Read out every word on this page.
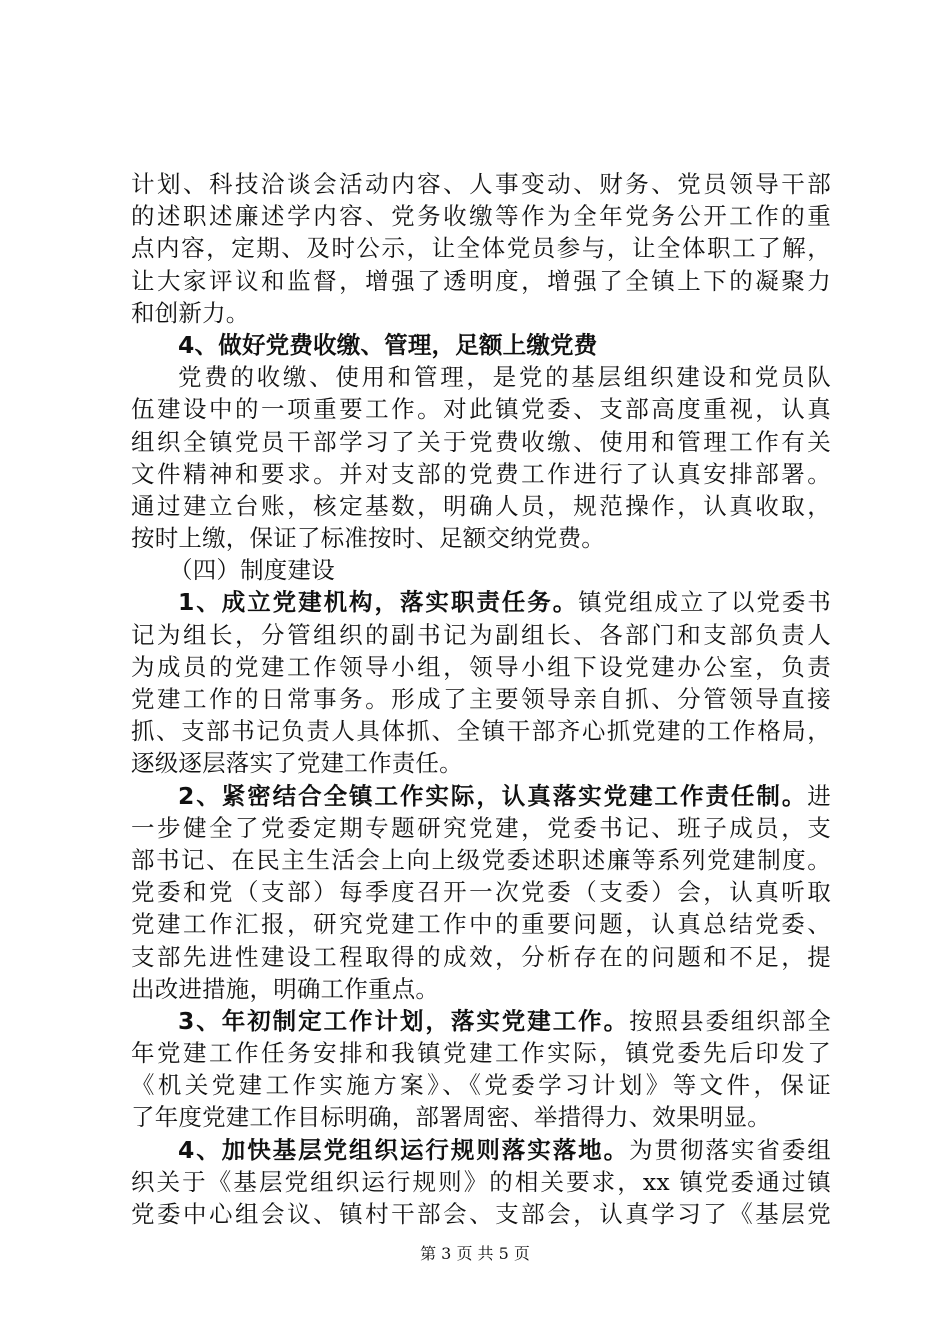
计划、科技洽谈会活动内容、人事变动、财务、党员领导干部
的述职述廉述学内容、党务收缴等作为全年党务公开工作的重
点内容，定期、及时公示，让全体党员参与，让全体职工了解，
让大家评议和监督，增强了透明度，增强了全镇上下的凝聚力
和创新力。
4、做好党费收缴、管理，足额上缴党费
党费的收缴、使用和管理，是党的基层组织建设和党员队
伍建设中的一项重要工作。对此镇党委、支部高度重视，认真
组织全镇党员干部学习了关于党费收缴、使用和管理工作有关
文件精神和要求。并对支部的党费工作进行了认真安排部署。
通过建立台账，核定基数，明确人员，规范操作，认真收取，
按时上缴，保证了标准按时、足额交纳党费。
（四）制度建设
1、成立党建机构，落实职责任务。镇党组成立了以党委书
记为组长，分管组织的副书记为副组长、各部门和支部负责人
为成员的党建工作领导小组，领导小组下设党建办公室，负责
党建工作的日常事务。形成了主要领导亲自抓、分管领导直接
抓、支部书记负责人具体抓、全镇干部齐心抓党建的工作格局，
逐级逐层落实了党建工作责任。
2、紧密结合全镇工作实际，认真落实党建工作责任制。进
一步健全了党委定期专题研究党建，党委书记、班子成员，支
部书记、在民主生活会上向上级党委述职述廉等系列党建制度。
党委和党（支部）每季度召开一次党委（支委）会，认真听取
党建工作汇报，研究党建工作中的重要问题，认真总结党委、
支部先进性建设工程取得的成效，分析存在的问题和不足，提
出改进措施，明确工作重点。
3、年初制定工作计划，落实党建工作。按照县委组织部全
年党建工作任务安排和我镇党建工作实际，镇党委先后印发了
《机关党建工作实施方案》、《党委学习计划》等文件，保证
了年度党建工作目标明确，部署周密、举措得力、效果明显。
4、加快基层党组织运行规则落实落地。为贯彻落实省委组
织关于《基层党组织运行规则》的相关要求，xx 镇党委通过镇
党委中心组会议、镇村干部会、支部会，认真学习了《基层党
第 3 页 共 5 页
